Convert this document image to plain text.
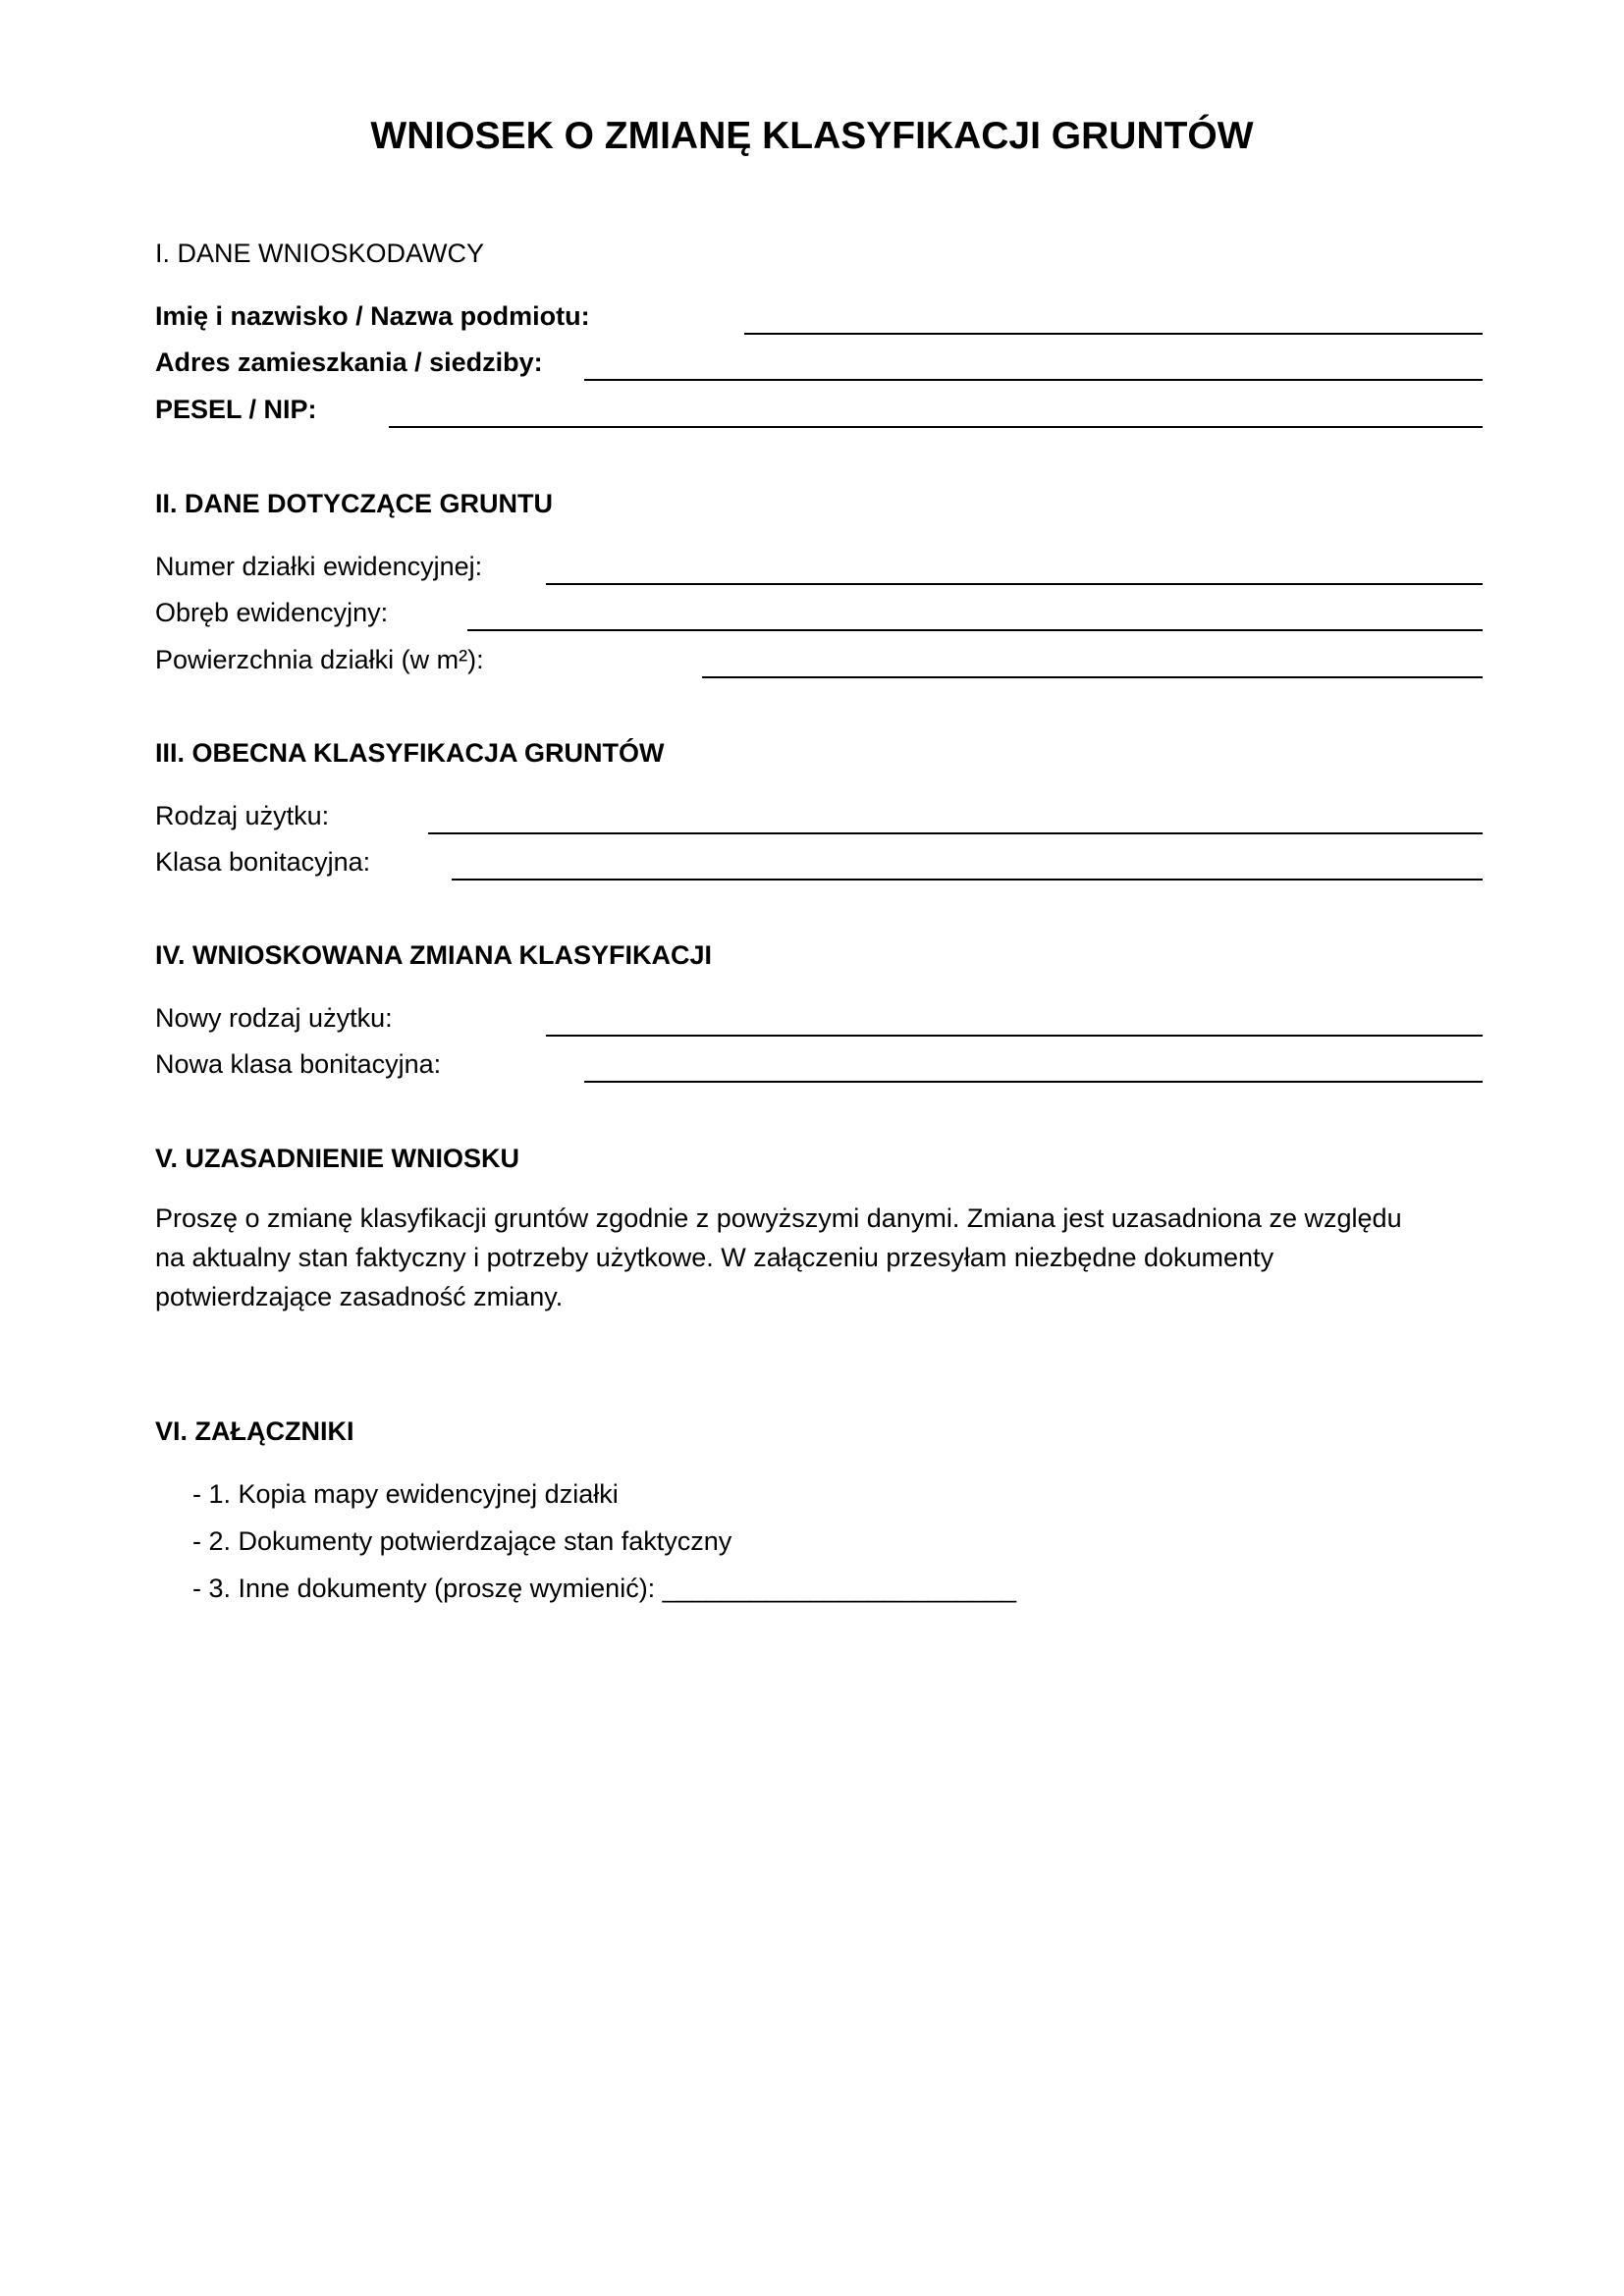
WNIOSEK O ZMIANĘ KLASYFIKACJI GRUNTÓW
I. DANE WNIOSKODAWCY
Imię i nazwisko / Nazwa podmiotu:
Adres zamieszkania / siedziby:
PESEL / NIP:
II. DANE DOTYCZĄCE GRUNTU
Numer działki ewidencyjnej:
Obręb ewidencyjny:
Powierzchnia działki (w m²):
III. OBECNA KLASYFIKACJA GRUNTÓW
Rodzaj użytku:
Klasa bonitacyjna:
IV. WNIOSKOWANA ZMIANA KLASYFIKACJI
Nowy rodzaj użytku:
Nowa klasa bonitacyjna:
V. UZASADNIENIE WNIOSKU
Proszę o zmianę klasyfikacji gruntów zgodnie z powyższymi danymi. Zmiana jest uzasadniona ze względu
na aktualny stan faktyczny i potrzeby użytkowe. W załączeniu przesyłam niezbędne dokumenty
potwierdzające zasadność zmiany.
VI. ZAŁĄCZNIKI
- 1. Kopia mapy ewidencyjnej działki
- 2. Dokumenty potwierdzające stan faktyczny
- 3. Inne dokumenty (proszę wymienić): ________________________
